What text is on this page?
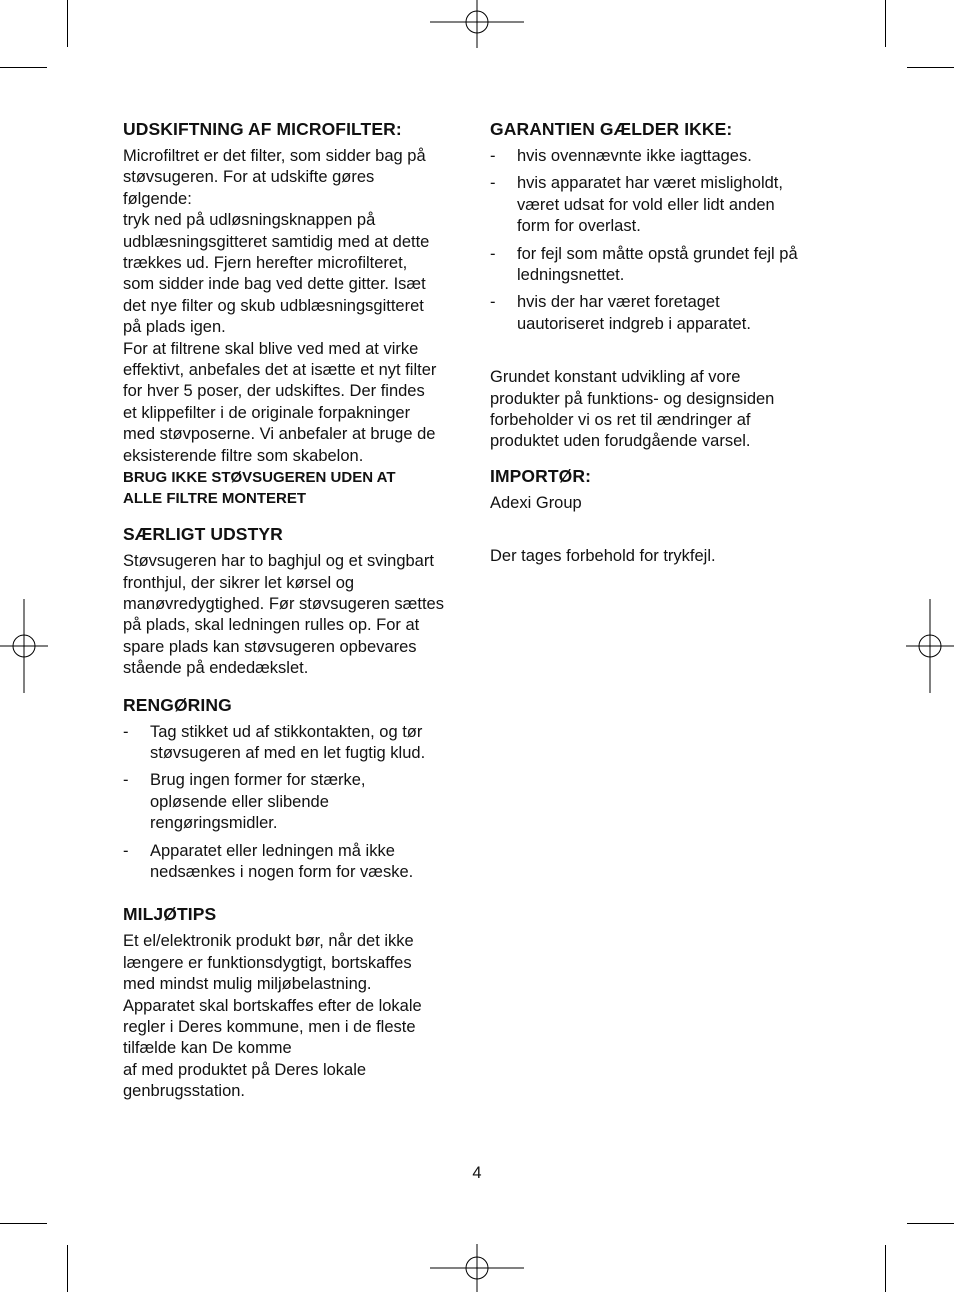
UDSKIFTNING AF MICROFILTER:

Microfiltret er det filter, som sidder bag på
støvsugeren. For at udskifte gøres
følgende:
tryk ned på udløsningsknappen på
udblæsningsgitteret samtidig med at dette
trækkes ud. Fjern herefter microfilteret,
som sidder inde bag ved dette gitter. Isæt
det nye filter og skub udblæsningsgitteret
på plads igen.
For at filtrene skal blive ved med at virke
effektivt, anbefales det at isætte et nyt filter
for hver 5 poser, der udskiftes. Der findes
et klippefilter i de originale forpakninger
med støvposerne. Vi anbefaler at bruge de
eksisterende filtre som skabelon.

BRUG IKKE STØVSUGEREN UDEN AT
ALLE FILTRE MONTERET

SÆRLIGT UDSTYR

Støvsugeren har to baghjul og et svingbart
fronthjul, der sikrer let kørsel og
manøvredygtighed. Før støvsugeren sættes
på plads, skal ledningen rulles op. For at
spare plads kan støvsugeren opbevares
stående på endedækslet.

RENGØRING
- Tag stikket ud af stikkontakten, og tør
støvsugeren af med en let fugtig klud.
- Brug ingen former for stærke,
opløsende eller slibende
rengøringsmidler.
- Apparatet eller ledningen må ikke
nedsænkes i nogen form for væske.
MILJØTIPS

Et el/elektronik produkt bør, når det ikke
længere er funktionsdygtigt, bortskaffes
med mindst mulig miljøbelastning.
Apparatet skal bortskaffes efter de lokale
regler i Deres kommune, men i de fleste
tilfælde kan De komme
af med produktet på Deres lokale
genbrugsstation.

GARANTIEN GÆLDER IKKE:
- hvis ovennævnte ikke iagttages.
- hvis apparatet har været misligholdt,
været udsat for vold eller lidt anden
form for overlast.
- for fejl som måtte opstå grundet fejl på
ledningsnettet.
- hvis der har været foretaget
uautoriseret indgreb i apparatet.

Grundet konstant udvikling af vore
produkter på funktions- og designsiden
forbeholder vi os ret til ændringer af
produktet uden forudgående varsel.

IMPORTØR:

Adexi Group

Der tages forbehold for trykfejl.

4
